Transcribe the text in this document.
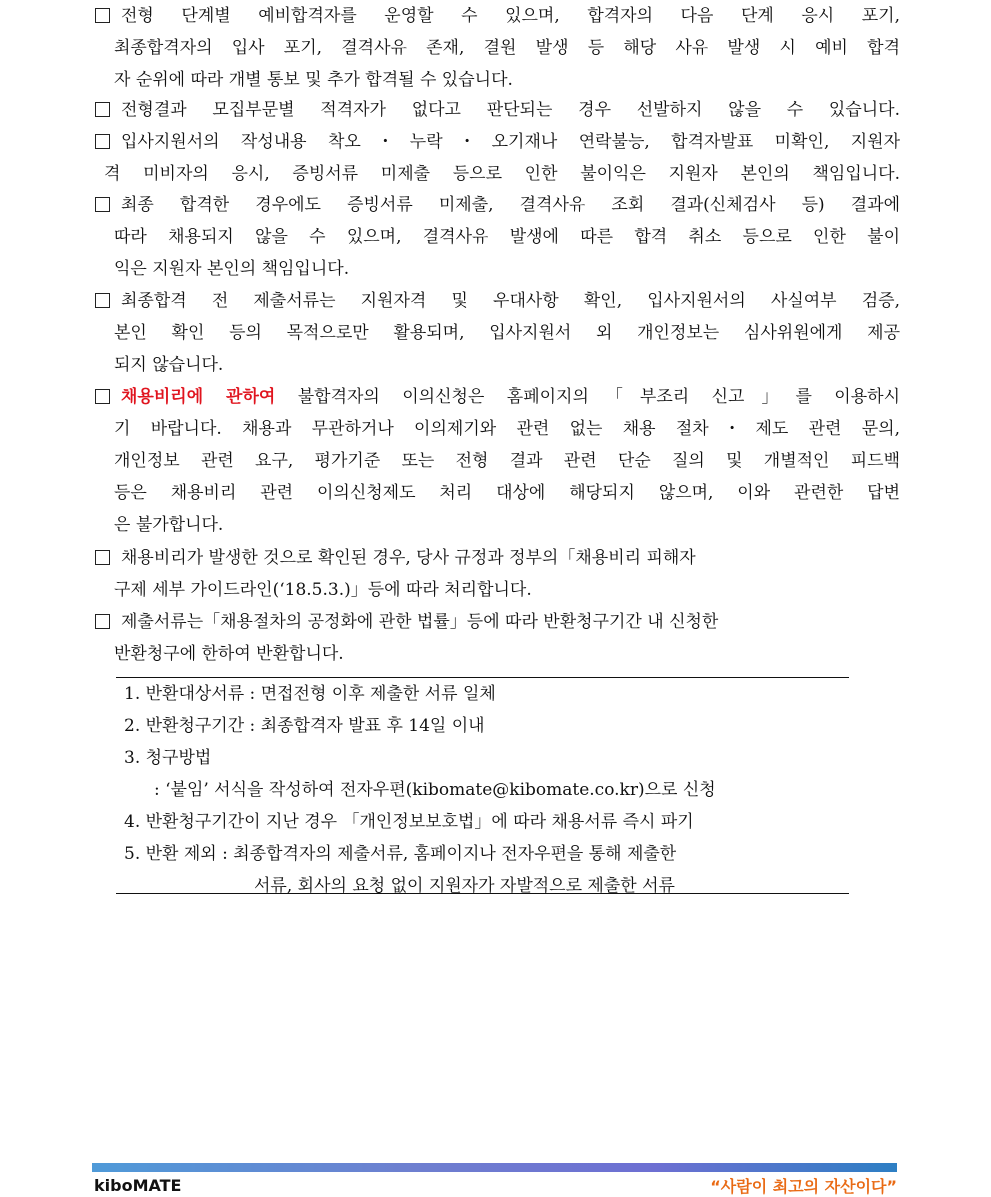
전형 단계별 예비합격자를 운영할 수 있으며, 합격자의 다음 단계 응시 포기,
최종합격자의 입사 포기, 결격사유 존재, 결원 발생 등 해당 사유 발생 시 예비 합격
자 순위에 따라 개별 통보 및 추가 합격될 수 있습니다.
전형결과 모집부문별 적격자가 없다고 판단되는 경우 선발하지 않을 수 있습니다.
입사지원서의 작성내용 착오・누락・오기재나 연락불능, 합격자발표 미확인, 지원자
격 미비자의 응시, 증빙서류 미제출 등으로 인한 불이익은 지원자 본인의 책임입니다.
최종 합격한 경우에도 증빙서류 미제출, 결격사유 조회 결과(신체검사 등) 결과에
따라 채용되지 않을 수 있으며, 결격사유 발생에 따른 합격 취소 등으로 인한 불이
익은 지원자 본인의 책임입니다.
최종합격 전 제출서류는 지원자격 및 우대사항 확인, 입사지원서의 사실여부 검증,
본인 확인 등의 목적으로만 활용되며, 입사지원서 외 개인정보는 심사위원에게 제공
되지 않습니다.
채용비리에 관하여 불합격자의 이의신청은 홈페이지의「부조리 신고」를 이용하시
기 바랍니다. 채용과 무관하거나 이의제기와 관련 없는 채용 절차・제도 관련 문의,
개인정보 관련 요구, 평가기준 또는 전형 결과 관련 단순 질의 및 개별적인 피드백
등은 채용비리 관련 이의신청제도 처리 대상에 해당되지 않으며, 이와 관련한 답변
은 불가합니다.
채용비리가 발생한 것으로 확인된 경우, 당사 규정과 정부의「채용비리 피해자
구제 세부 가이드라인(‘18.5.3.)」등에 따라 처리합니다.
제출서류는「채용절차의 공정화에 관한 법률」등에 따라 반환청구기간 내 신청한
반환청구에 한하여 반환합니다.
1. 반환대상서류 : 면접전형 이후 제출한 서류 일체
2. 반환청구기간 : 최종합격자 발표 후 14일 이내
3. 청구방법
: ‘붙임’ 서식을 작성하여 전자우편(kibomate@kibomate.co.kr)으로 신청
4. 반환청구기간이 지난 경우 「개인정보보호법」에 따라 채용서류 즉시 파기
5. 반환 제외 : 최종합격자의 제출서류, 홈페이지나 전자우편을 통해 제출한
서류, 회사의 요청 없이 지원자가 자발적으로 제출한 서류
kiboMATE	“사람이 최고의 자산이다”
